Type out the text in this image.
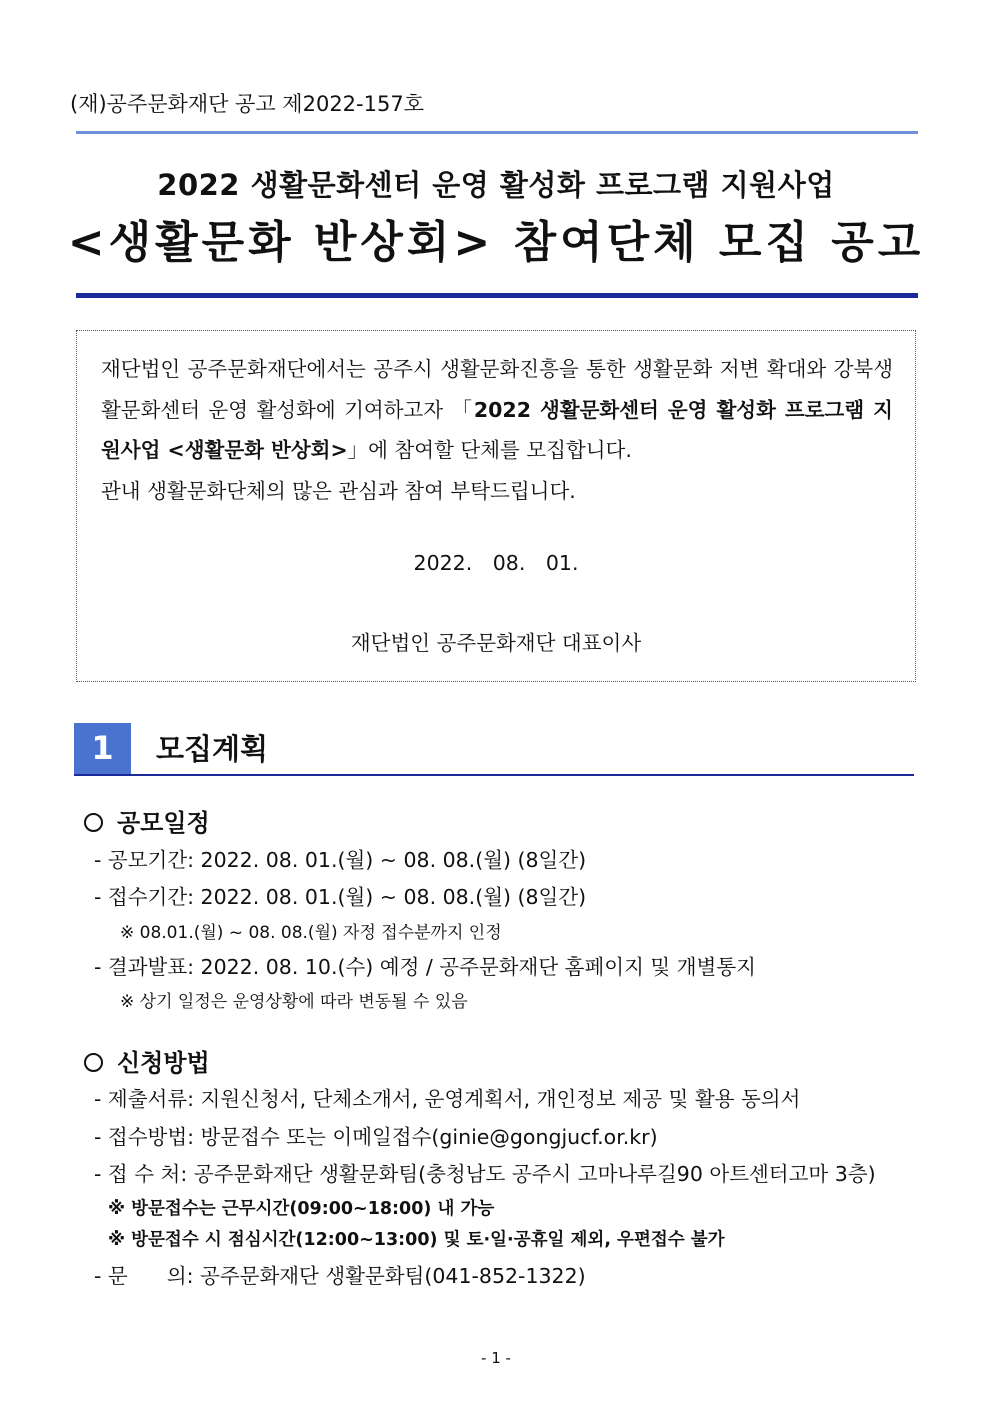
(재)공주문화재단 공고 제2022-157호
2022 생활문화센터 운영 활성화 프로그램 지원사업
<생활문화 반상회> 참여단체 모집 공고
재단법인 공주문화재단에서는 공주시 생활문화진흥을 통한 생활문화 저변 확대와 강북생활문화센터 운영 활성화에 기여하고자 「2022 생활문화센터 운영 활성화 프로그램 지원사업 <생활문화 반상회>」에 참여할 단체를 모집합니다.
관내 생활문화단체의 많은 관심과 참여 부탁드립니다.
2022. 08. 01.
재단법인 공주문화재단 대표이사
1	모집계획
공모일정
- 공모기간: 2022. 08. 01.(월) ~ 08. 08.(월) (8일간)
- 접수기간: 2022. 08. 01.(월) ~ 08. 08.(월) (8일간)
※ 08.01.(월) ~ 08. 08.(월) 자정 접수분까지 인정
- 결과발표: 2022. 08. 10.(수) 예정 / 공주문화재단 홈페이지 및 개별통지
※ 상기 일정은 운영상황에 따라 변동될 수 있음
신청방법
- 제출서류: 지원신청서, 단체소개서, 운영계획서, 개인정보 제공 및 활용 동의서
- 접수방법: 방문접수 또는 이메일접수(ginie@gongjucf.or.kr)
- 접 수 처: 공주문화재단 생활문화팀(충청남도 공주시 고마나루길90 아트센터고마 3층)
※ 방문접수는 근무시간(09:00~18:00) 내 가능
※ 방문접수 시 점심시간(12:00~13:00) 및 토·일·공휴일 제외, 우편접수 불가
- 문      의: 공주문화재단 생활문화팀(041-852-1322)
- 1 -
